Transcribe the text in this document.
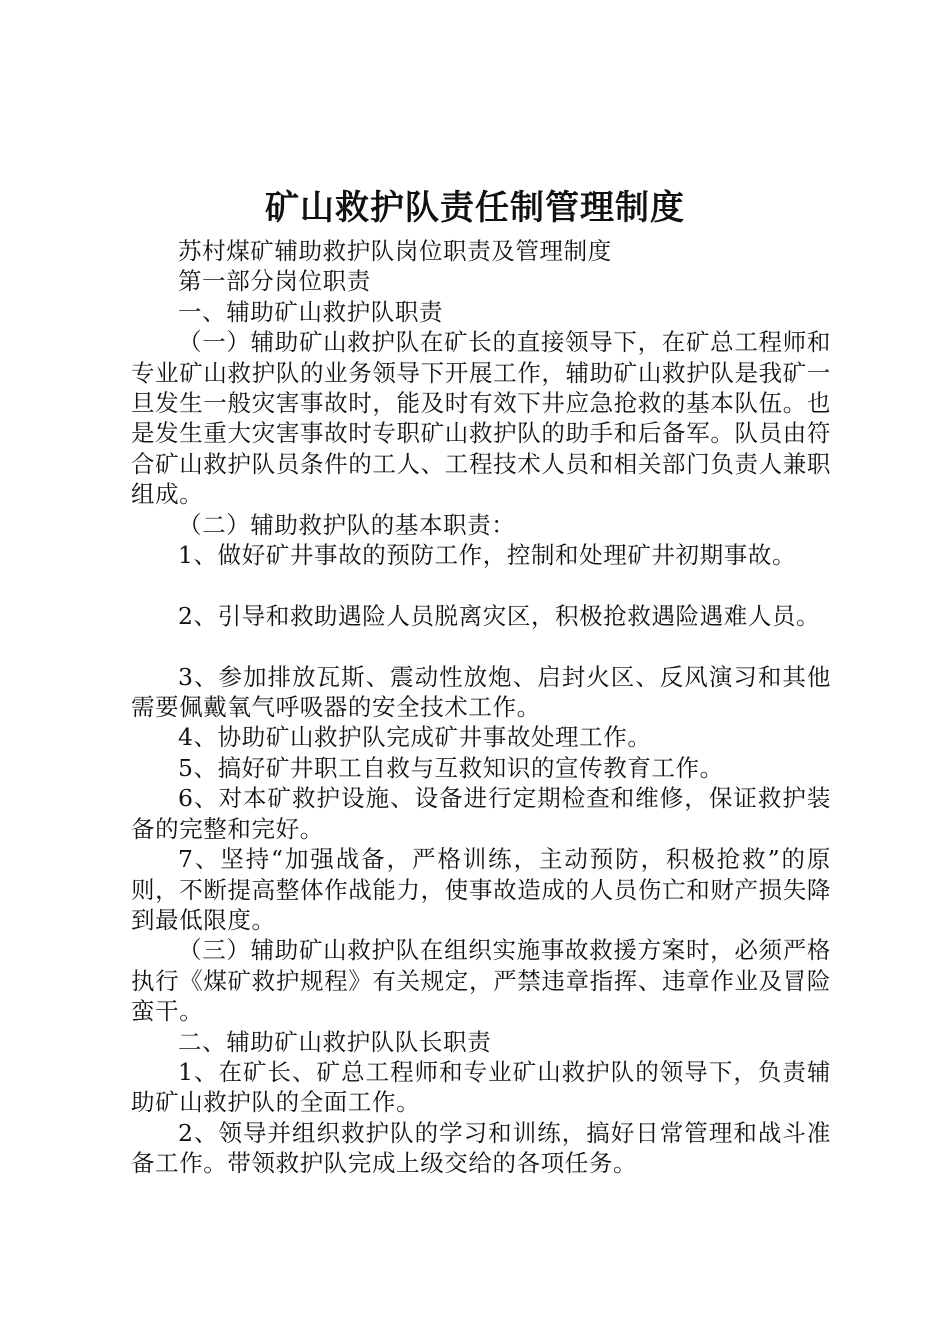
矿山救护队责任制管理制度

苏村煤矿辅助救护队岗位职责及管理制度

第一部分岗位职责

一、辅助矿山救护队职责

（一）辅助矿山救护队在矿长的直接领导下，在矿总工程师和专业矿山救护队的业务领导下开展工作，辅助矿山救护队是我矿一旦发生一般灾害事故时，能及时有效下井应急抢救的基本队伍。也是发生重大灾害事故时专职矿山救护队的助手和后备军。队员由符合矿山救护队员条件的工人、工程技术人员和相关部门负责人兼职组成。

（二）辅助救护队的基本职责：

1、做好矿井事故的预防工作，控制和处理矿井初期事故。

2、引导和救助遇险人员脱离灾区，积极抢救遇险遇难人员。

3、参加排放瓦斯、震动性放炮、启封火区、反风演习和其他需要佩戴氧气呼吸器的安全技术工作。

4、协助矿山救护队完成矿井事故处理工作。

5、搞好矿井职工自救与互救知识的宣传教育工作。

6、对本矿救护设施、设备进行定期检查和维修，保证救护装备的完整和完好。

7、坚持“加强战备，严格训练，主动预防，积极抢救”的原则，不断提高整体作战能力，使事故造成的人员伤亡和财产损失降到最低限度。

（三）辅助矿山救护队在组织实施事故救援方案时，必须严格执行《煤矿救护规程》有关规定，严禁违章指挥、违章作业及冒险蛮干。

二、辅助矿山救护队队长职责

1、在矿长、矿总工程师和专业矿山救护队的领导下，负责辅助矿山救护队的全面工作。

2、领导并组织救护队的学习和训练，搞好日常管理和战斗准备工作。带领救护队完成上级交给的各项任务。
